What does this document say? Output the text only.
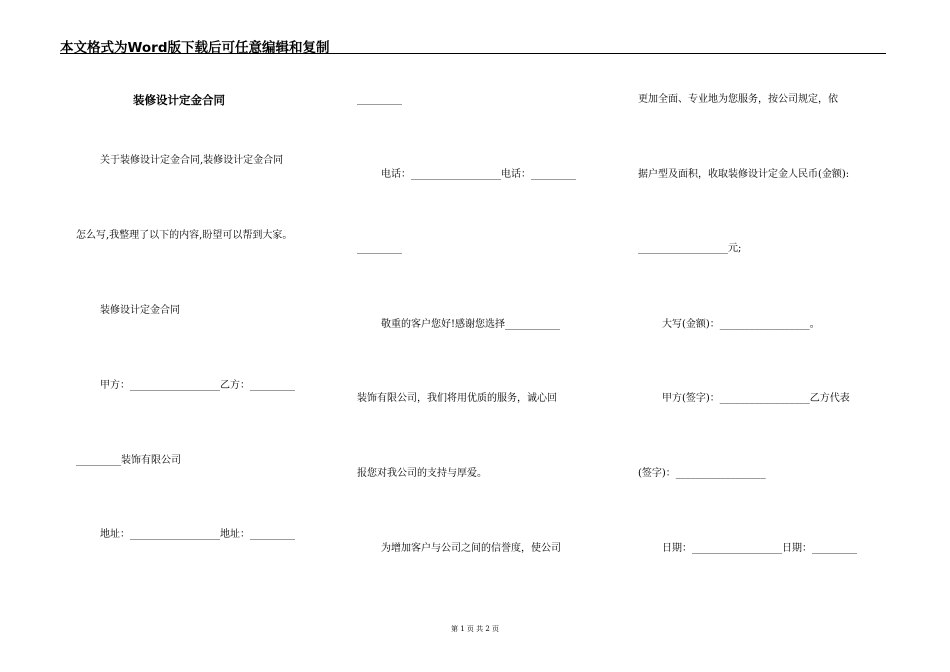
本文格式为Word版下载后可任意编辑和复制
装修设计定金合同
关于装修设计定金合同,装修设计定金合同
怎么写,我整理了以下的内容,盼望可以帮到大家。
装修设计定金合同
甲方：__________________乙方：_________
_________装饰有限公司
地址：__________________地址：_________
_________
电话：__________________电话：_________
_________
敬重的客户您好!感谢您选择___________
装饰有限公司，我们将用优质的服务，诚心回
报您对我公司的支持与厚爱。
为增加客户与公司之间的信誉度，使公司
更加全面、专业地为您服务，按公司规定，依
据户型及面积，收取装修设计定金人民币(金额):
__________________元;
大写(金额)：__________________。
甲方(签字)：__________________乙方代表
(签字)：__________________
日期：__________________日期：_________
第 1 页 共 2 页
